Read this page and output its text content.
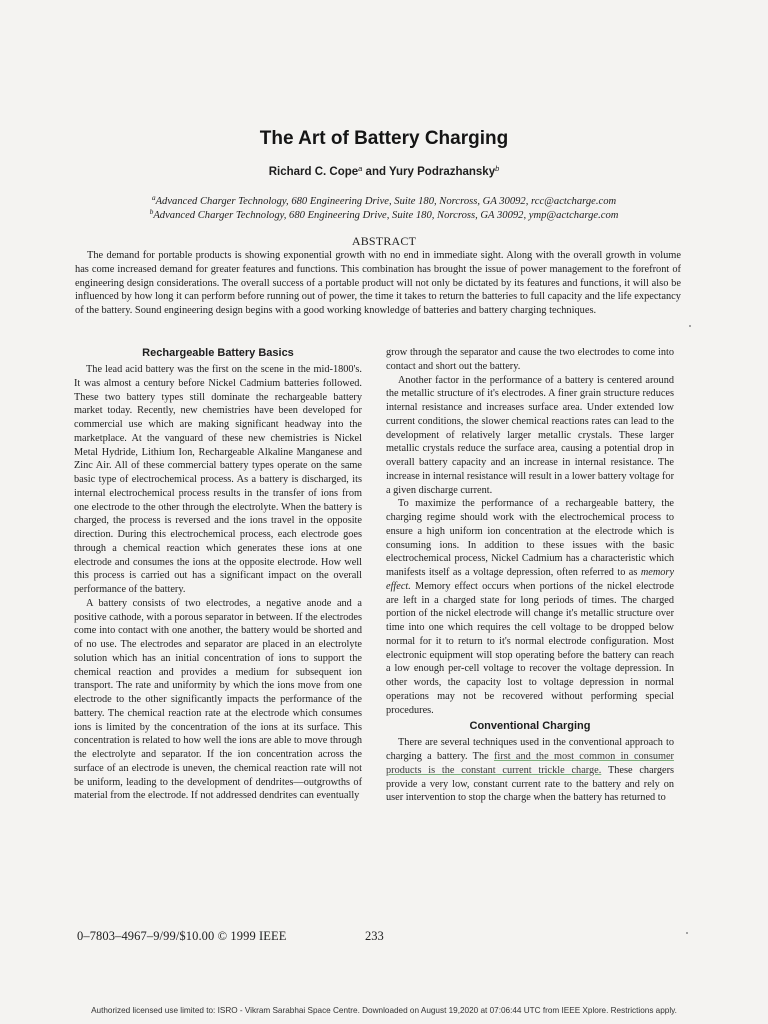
The Art of Battery Charging
Richard C. Cope$^a$ and Yury Podrazhansky$^b$
$^a$Advanced Charger Technology, 680 Engineering Drive, Suite 180, Norcross, GA 30092, rcc@actcharge.com
$^b$Advanced Charger Technology, 680 Engineering Drive, Suite 180, Norcross, GA 30092, ymp@actcharge.com
ABSTRACT

The demand for portable products is showing exponential growth with no end in immediate sight. Along with the overall growth in volume has come increased demand for greater features and functions. This combination has brought the issue of power management to the forefront of engineering design considerations. The overall success of a portable product will not only be dictated by its features and functions, it will also be influenced by how long it can perform before running out of power, the time it takes to return the batteries to full capacity and the life expectancy of the battery. Sound engineering design begins with a good working knowledge of batteries and battery charging techniques.

Rechargeable Battery Basics

The lead acid battery was the first on the scene in the mid-1800's. It was almost a century before Nickel Cadmium batteries followed. These two battery types still dominate the rechargeable battery market today. Recently, new chemistries have been developed for commercial use which are making significant headway into the marketplace. At the vanguard of these new chemistries is Nickel Metal Hydride, Lithium Ion, Rechargeable Alkaline Manganese and Zinc Air. All of these commercial battery types operate on the same basic type of electrochemical process. As a battery is discharged, its internal electrochemical process results in the transfer of ions from one electrode to the other through the electrolyte. When the battery is charged, the process is reversed and the ions travel in the opposite direction. During this electrochemical process, each electrode goes through a chemical reaction which generates these ions at one electrode and consumes the ions at the opposite electrode. How well this process is carried out has a significant impact on the overall performance of the battery.

A battery consists of two electrodes, a negative anode and a positive cathode, with a porous separator in between. If the electrodes come into contact with one another, the battery would be shorted and of no use. The electrodes and separator are placed in an electrolyte solution which has an initial concentration of ions to support the chemical reaction and provides a medium for subsequent ion transport. The rate and uniformity by which the ions move from one electrode to the other significantly impacts the performance of the battery. The chemical reaction rate at the electrode which consumes ions is limited by the concentration of the ions at its surface. This concentration is related to how well the ions are able to move through the electrolyte and separator. If the ion concentration across the surface of an electrode is uneven, the chemical reaction rate will not be uniform, leading to the development of dendrites—outgrowths of material from the electrode. If not addressed dendrites can eventually

grow through the separator and cause the two electrodes to come into contact and short out the battery.

Another factor in the performance of a battery is centered around the metallic structure of it's electrodes. A finer grain structure reduces internal resistance and increases surface area. Under extended low current conditions, the slower chemical reactions rates can lead to the development of relatively larger metallic crystals. These larger metallic crystals reduce the surface area, causing a potential drop in overall battery capacity and an increase in internal resistance. The increase in internal resistance will result in a lower battery voltage for a given discharge current.

To maximize the performance of a rechargeable battery, the charging regime should work with the electrochemical process to ensure a high uniform ion concentration at the electrode which is consuming ions. In addition to these issues with the basic electrochemical process, Nickel Cadmium has a characteristic which manifests itself as a voltage depression, often referred to as memory effect. Memory effect occurs when portions of the nickel electrode are left in a charged state for long periods of times. The charged portion of the nickel electrode will change it's metallic structure over time into one which requires the cell voltage to be dropped below normal for it to return to it's normal electrode configuration. Most electronic equipment will stop operating before the battery can reach a low enough per-cell voltage to recover the voltage depression. In other words, the capacity lost to voltage depression in normal operations may not be recovered without performing special procedures.

Conventional Charging

There are several techniques used in the conventional approach to charging a battery. The first and the most common in consumer products is the constant current trickle charge. These chargers provide a very low, constant current rate to the battery and rely on user intervention to stop the charge when the battery has returned to

0–7803–4967–9/99/$10.00 © 1999 IEEE	233
Authorized licensed use limited to: ISRO - Vikram Sarabhai Space Centre. Downloaded on August 19,2020 at 07:06:44 UTC from IEEE Xplore. Restrictions apply.
